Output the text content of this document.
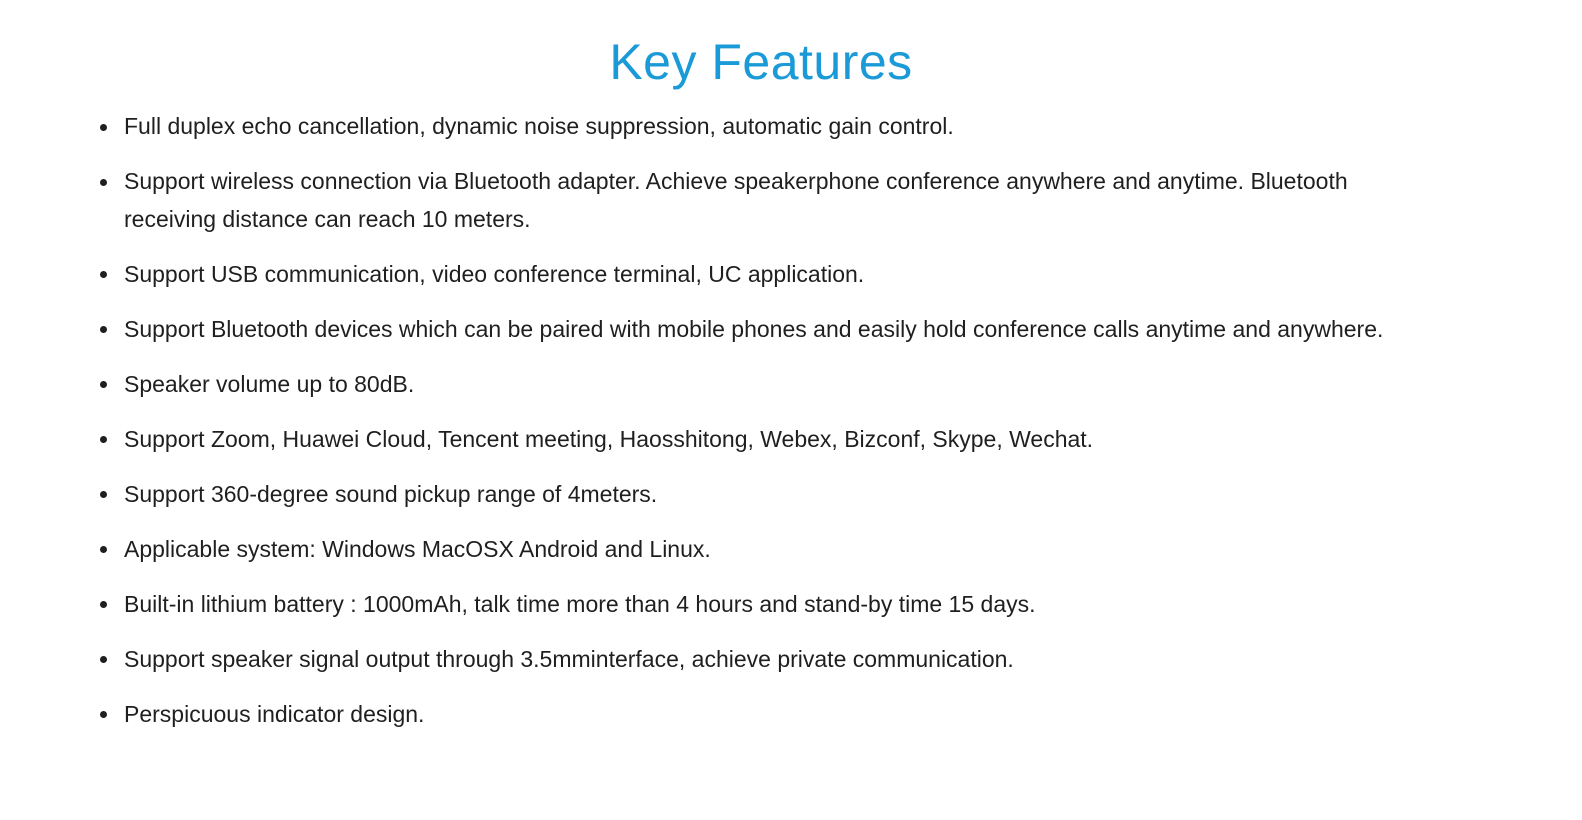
Key Features
Full duplex echo cancellation, dynamic noise suppression, automatic gain control.
Support wireless connection via Bluetooth adapter. Achieve speakerphone conference anywhere and anytime. Bluetooth receiving distance can reach 10 meters.
Support USB communication, video conference terminal, UC application.
Support Bluetooth devices which can be paired with mobile phones and easily hold conference calls anytime and anywhere.
Speaker volume up to 80dB.
Support Zoom, Huawei Cloud, Tencent meeting, Haosshitong, Webex, Bizconf, Skype, Wechat.
Support 360-degree sound pickup range of 4meters.
Applicable system: Windows MacOSX Android and Linux.
Built-in lithium battery : 1000mAh, talk time more than 4 hours and stand-by time 15 days.
Support speaker signal output through 3.5mminterface, achieve private communication.
Perspicuous indicator design.
